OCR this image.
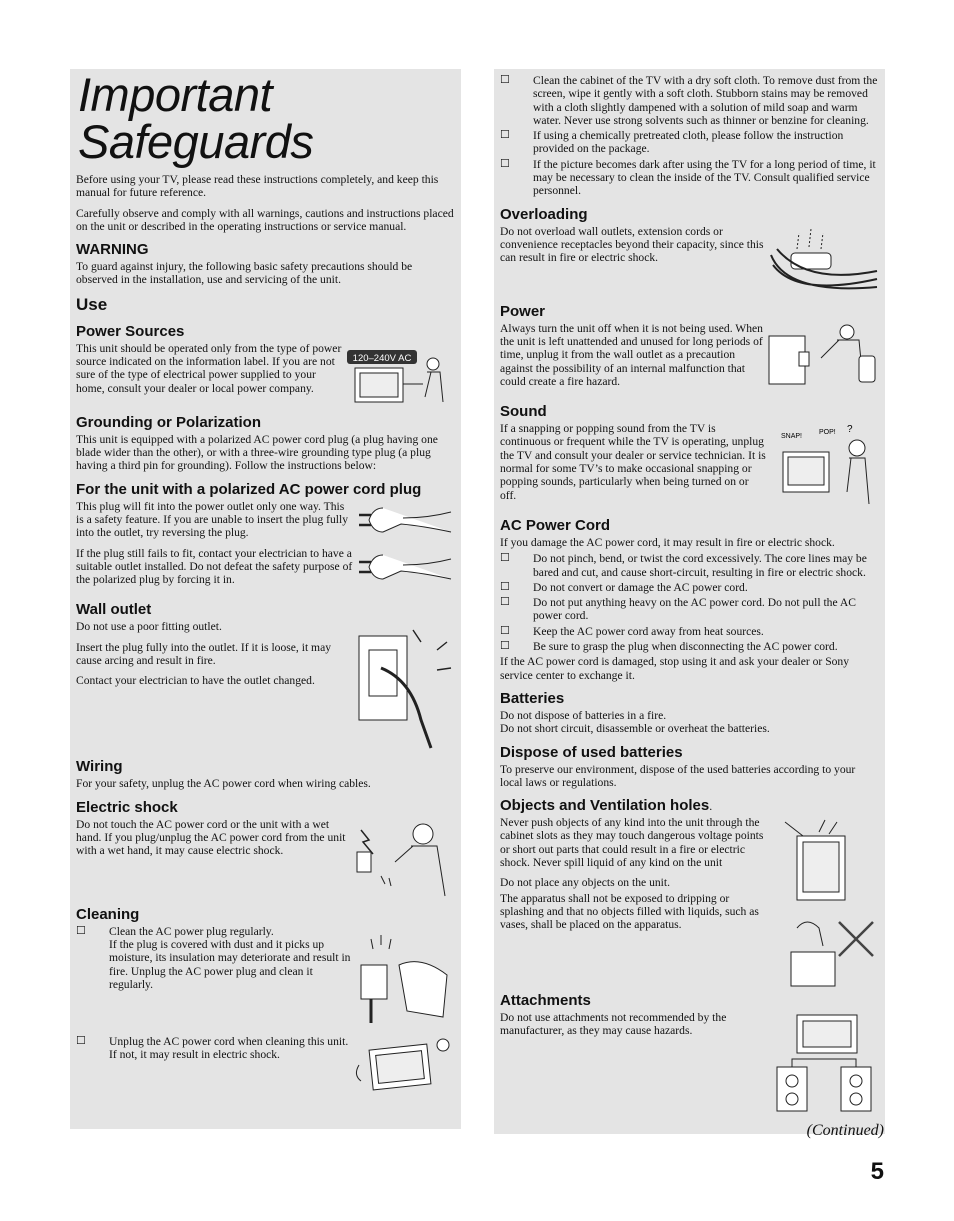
Important
Safeguards

Before using your TV, please read these instructions completely, and keep this manual for future reference.

Carefully observe and comply with all warnings, cautions and instructions placed on the unit or described in the operating instructions or service manual.

WARNING

To guard against injury, the following basic safety precautions should be observed in the installation, use and servicing of the unit.

Use
Power Sources

This unit should be operated only from the type of power source indicated on the information label. If you are not sure of the type of electrical power supplied to your home, consult your dealer or local power company.

120–240V AC
Grounding or Polarization

This unit is equipped with a polarized AC power cord plug (a plug having one blade wider than the other), or with a three-wire grounding type plug (a plug having a third pin for grounding). Follow the instructions below:

For the unit with a polarized AC power cord plug

This plug will fit into the power outlet only one way. This is a safety feature. If you are unable to insert the plug fully into the outlet, try reversing the plug.

If the plug still fails to fit, contact your electrician to have a suitable outlet installed. Do not defeat the safety purpose of the polarized plug by forcing it in.

Wall outlet

Do not use a poor fitting outlet.

Insert the plug fully into the outlet. If it is loose, it may cause arcing and result in fire.

Contact your electrician to have the outlet changed.

Wiring

For your safety, unplug the AC power cord when wiring cables.

Electric shock

Do not touch the AC power cord or the unit with a wet hand. If you plug/unplug the AC power cord from the unit with a wet hand, it may cause electric shock.

Cleaning
☐	Clean the AC power plug regularly.
If the plug is covered with dust and it picks up moisture, its insulation may deteriorate and result in fire. Unplug the AC power plug and clean it regularly.
☐	Unplug the AC power cord when cleaning this unit. If not, it may result in electric shock.
☐	Clean the cabinet of the TV with a dry soft cloth. To remove dust from the screen, wipe it gently with a soft cloth. Stubborn stains may be removed with a cloth slightly dampened with a solution of mild soap and warm water. Never use strong solvents such as thinner or benzine for cleaning.
☐	If using a chemically pretreated cloth, please follow the instruction provided on the package.
☐	If the picture becomes dark after using the TV for a long period of time, it may be necessary to clean the inside of the TV. Consult qualified service personnel.
Overloading

Do not overload wall outlets, extension cords or convenience receptacles beyond their capacity, since this can result in fire or electric shock.

Power

Always turn the unit off when it is not being used. When the unit is left unattended and unused for long periods of time, unplug it from the wall outlet as a precaution against the possibility of an internal malfunction that could create a fire hazard.

Sound

If a snapping or popping sound from the TV is continuous or frequent while the TV is operating, unplug the TV and consult your dealer or service technician. It is normal for some TV’s to make occasional snapping or popping sounds, particularly when being turned on or off.

SNAP!
POP! ?
AC Power Cord

If you damage the AC power cord, it may result in fire or electric shock.

☐	Do not pinch, bend, or twist the cord excessively. The core lines may be bared and cut, and cause short-circuit, resulting in fire or electric shock.
☐	Do not convert or damage the AC power cord.
☐	Do not put anything heavy on the AC power cord. Do not pull the AC power cord.
☐	Keep the AC power cord away from heat sources.
☐	Be sure to grasp the plug when disconnecting the AC power cord.

If the AC power cord is damaged, stop using it and ask your dealer or Sony service center to exchange it.

Batteries

Do not dispose of batteries in a fire.
Do not short circuit, disassemble or overheat the batteries.

Dispose of used batteries

To preserve our environment, dispose of the used batteries according to your local laws or regulations.

Objects and Ventilation holes.

Never push objects of any kind into the unit through the cabinet slots as they may touch dangerous voltage points or short out parts that could result in a fire or electric shock. Never spill liquid of any kind on the unit

Do not place any objects on the unit.

The apparatus shall not be exposed to dripping or splashing and that no objects filled with liquids, such as vases, shall be placed on the apparatus.

Attachments

Do not use attachments not recommended by the manufacturer, as they may cause hazards.

(Continued)
5
